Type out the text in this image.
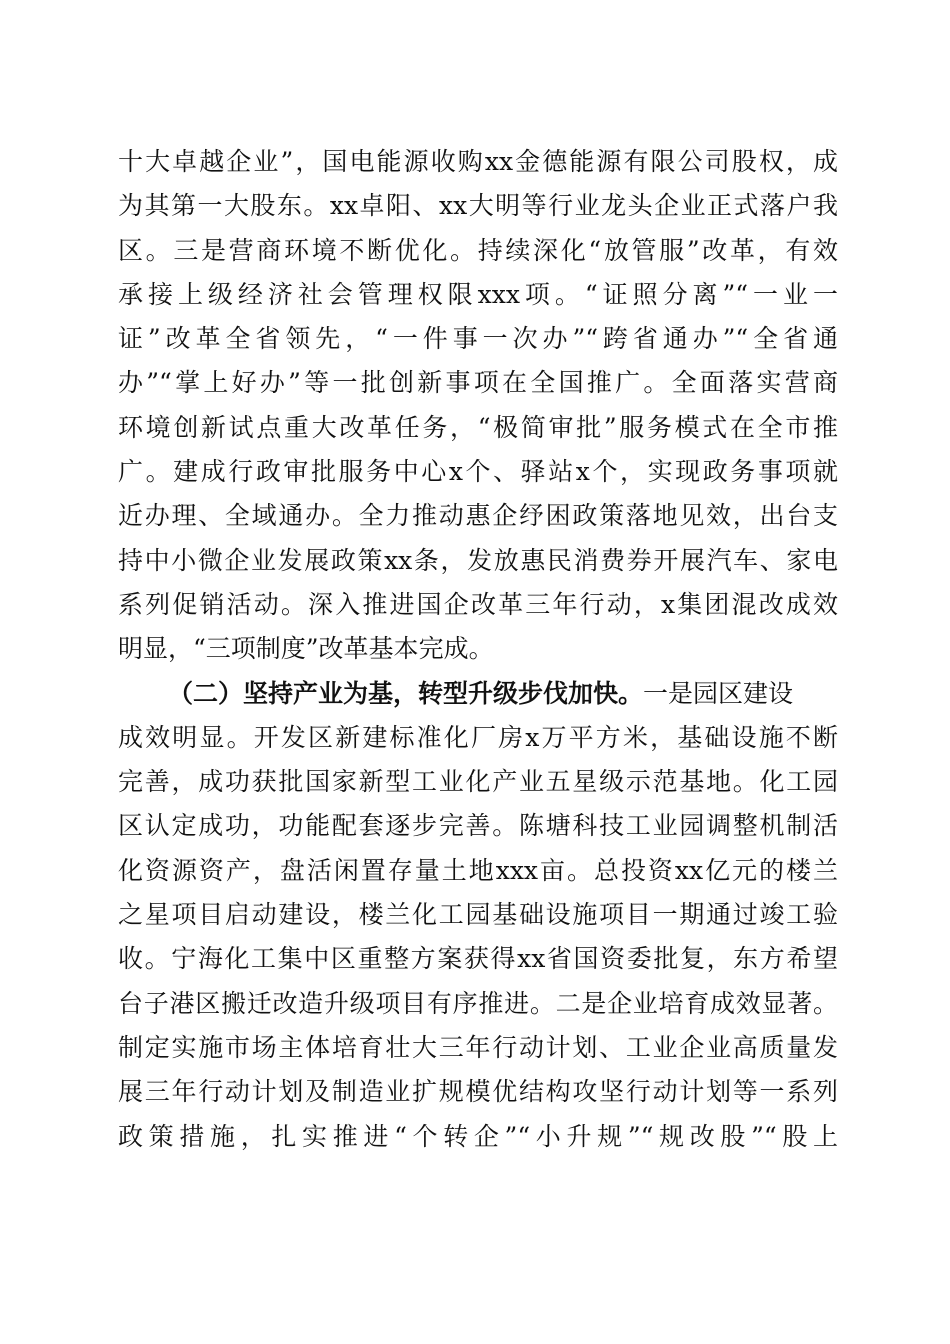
十大卓越企业”，国电能源收购xx金德能源有限公司股权，成
为其第一大股东。xx卓阳、xx大明等行业龙头企业正式落户我
区。三是营商环境不断优化。持续深化“放管服”改革，有效
承接上级经济社会管理权限xxx项。“证照分离”“一业一
证”改革全省领先，“一件事一次办”“跨省通办”“全省通
办”“掌上好办”等一批创新事项在全国推广。全面落实营商
环境创新试点重大改革任务，“极简审批”服务模式在全市推
广。建成行政审批服务中心x个、驿站x个，实现政务事项就
近办理、全域通办。全力推动惠企纾困政策落地见效，出台支
持中小微企业发展政策xx条，发放惠民消费券开展汽车、家电
系列促销活动。深入推进国企改革三年行动，x集团混改成效
明显，“三项制度”改革基本完成。
（二）坚持产业为基，转型升级步伐加快。一是园区建设
成效明显。开发区新建标准化厂房x万平方米，基础设施不断
完善，成功获批国家新型工业化产业五星级示范基地。化工园
区认定成功，功能配套逐步完善。陈塘科技工业园调整机制活
化资源资产，盘活闲置存量土地xxx亩。总投资xx亿元的楼兰
之星项目启动建设，楼兰化工园基础设施项目一期通过竣工验
收。宁海化工集中区重整方案获得xx省国资委批复，东方希望
台子港区搬迁改造升级项目有序推进。二是企业培育成效显著。
制定实施市场主体培育壮大三年行动计划、工业企业高质量发
展三年行动计划及制造业扩规模优结构攻坚行动计划等一系列
政策措施，扎实推进“个转企”“小升规”“规改股”“股上
